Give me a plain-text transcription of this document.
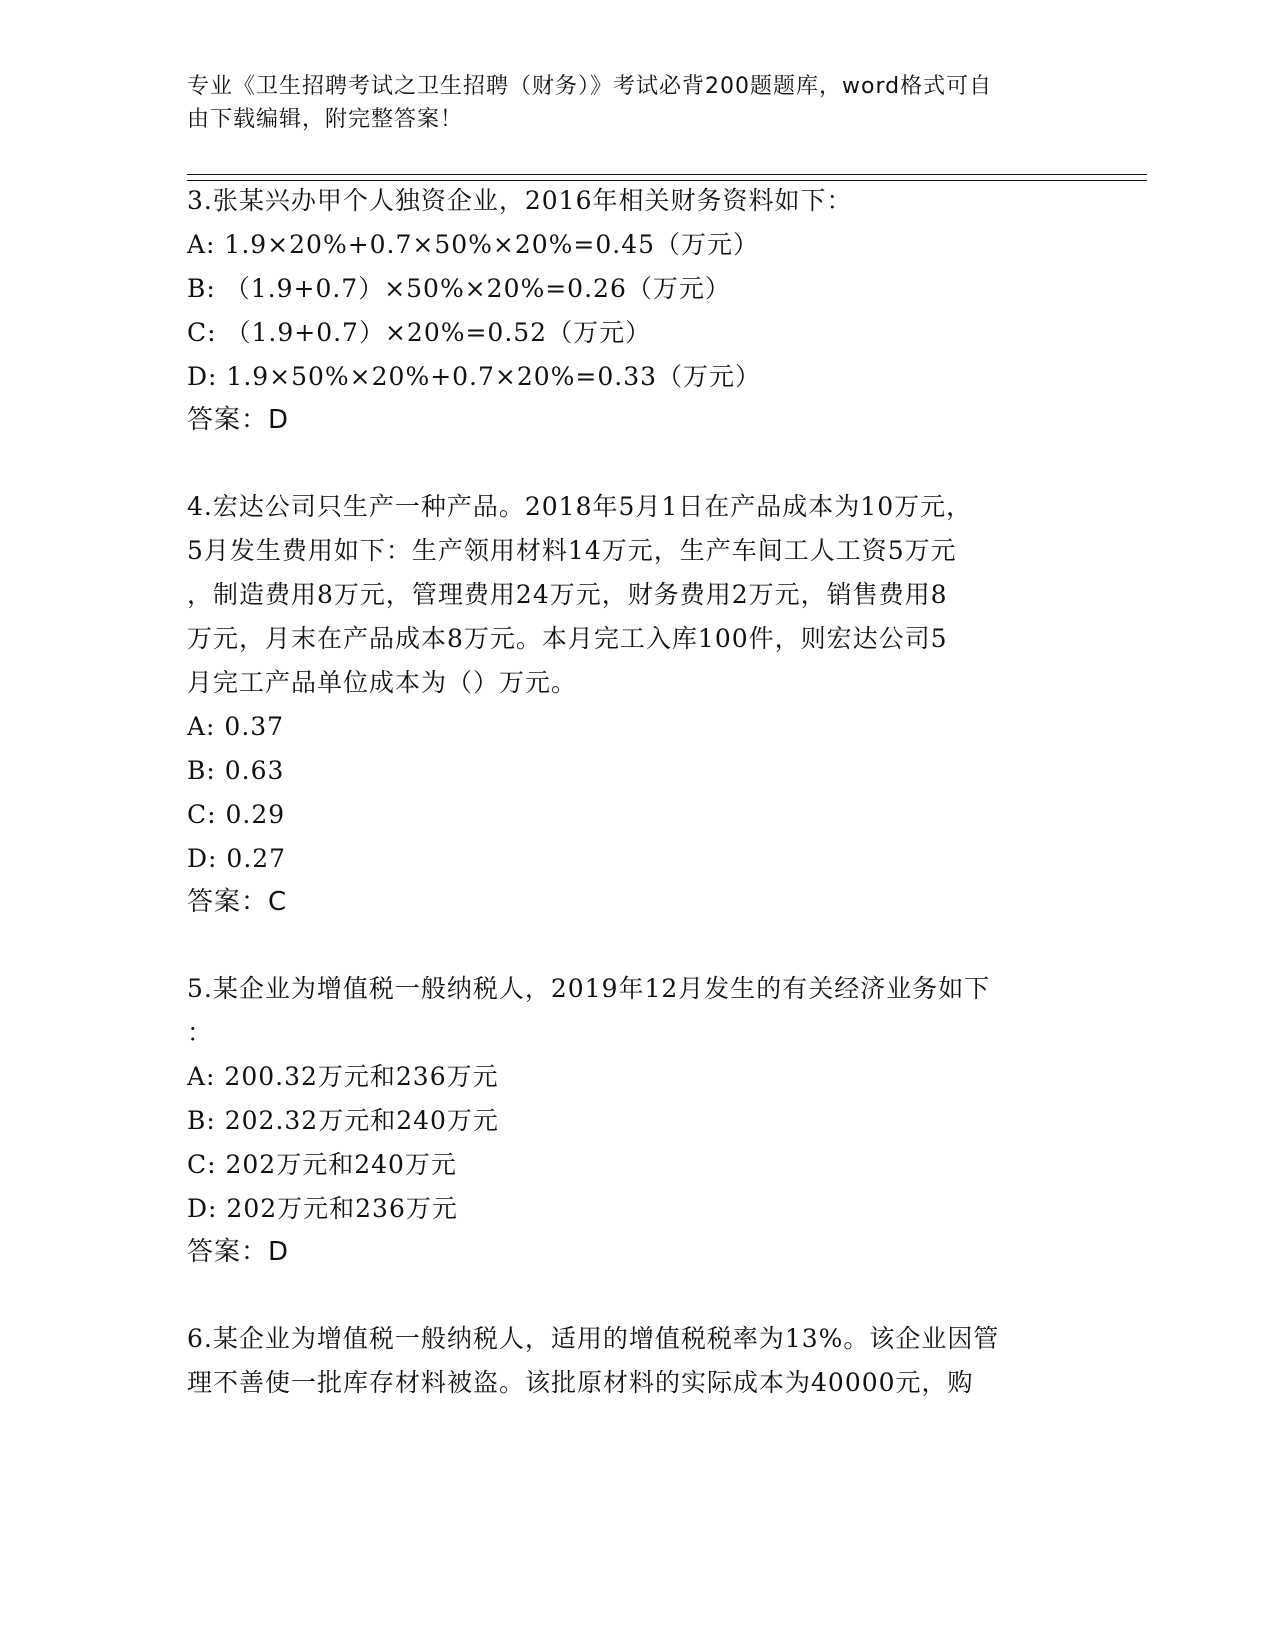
专业《卫生招聘考试之卫生招聘（财务）》考试必背200题题库，word格式可自
由下载编辑，附完整答案！
3.张某兴办甲个人独资企业，2016年相关财务资料如下：
A: 1.9×20%+0.7×50%×20%=0.45（万元）
B: （1.9+0.7）×50%×20%=0.26（万元）
C: （1.9+0.7）×20%=0.52（万元）
D: 1.9×50%×20%+0.7×20%=0.33（万元）
答案：D
4.宏达公司只生产一种产品。2018年5月1日在产品成本为10万元，
5月发生费用如下：生产领用材料14万元，生产车间工人工资5万元
，制造费用8万元，管理费用24万元，财务费用2万元，销售费用8
万元，月末在产品成本8万元。本月完工入库100件，则宏达公司5
月完工产品单位成本为（）万元。
A: 0.37
B: 0.63
C: 0.29
D: 0.27
答案：C
5.某企业为增值税一般纳税人，2019年12月发生的有关经济业务如下
：
A: 200.32万元和236万元
B: 202.32万元和240万元
C: 202万元和240万元
D: 202万元和236万元
答案：D
6.某企业为增值税一般纳税人，适用的增值税税率为13%。该企业因管
理不善使一批库存材料被盗。该批原材料的实际成本为40000元，购
